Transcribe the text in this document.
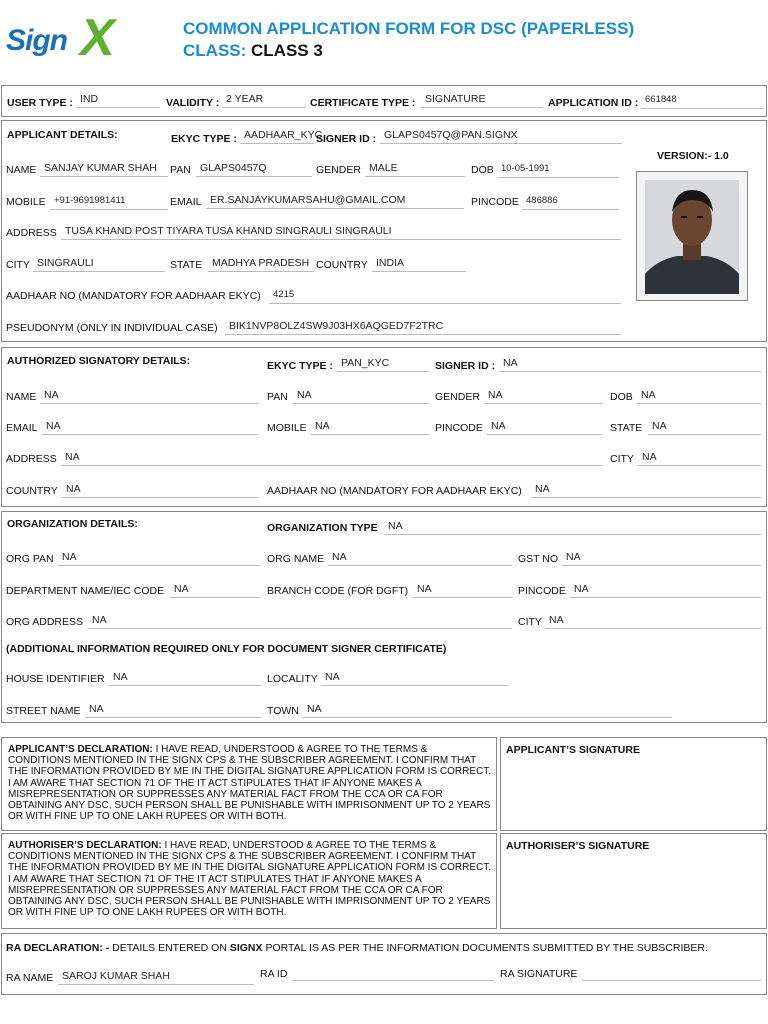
Sign X	COMMON APPLICATION FORM FOR DSC (PAPERLESS)
CLASS: CLASS 3
USER TYPE : IND	VALIDITY : 2 YEAR	CERTIFICATE TYPE : SIGNATURE	APPLICATION ID : 661848
APPLICANT DETAILS:	EKYC TYPE : AADHAAR_KYC
SIGNER ID : GLAPS0457Q@PAN.SIGNX
VERSION:- 1.0
NAME SANJAY KUMAR SHAH	PAN GLAPS0457Q	GENDER MALE	DOB 10-05-1991
MOBILE +91-9691981411	EMAIL ER.SANJAYKUMARSAHU@GMAIL.COM	PINCODE 486886
ADDRESS TUSA KHAND POST TIYARA TUSA KHAND SINGRAULI SINGRAULI
CITY SINGRAULI	STATE MADHYA PRADESH COUNTRY INDIA
AADHAAR NO (MANDATORY FOR AADHAAR EKYC)	4215
PSEUDONYM (ONLY IN INDIVIDUAL CASE)	BIK1NVP8OLZ4SW9J03HX6AQGED7F2TRC
AUTHORIZED SIGNATORY DETAILS:	EKYC TYPE : PAN_KYC	SIGNER ID : NA
NAME NA	PAN NA	GENDER NA	DOB NA
EMAIL NA	MOBILE NA	PINCODE NA	STATE NA
ADDRESS NA	CITY NA
COUNTRY NA	AADHAAR NO (MANDATORY FOR AADHAAR EKYC)	NA
ORGANIZATION DETAILS:	ORGANIZATION TYPE NA
ORG PAN NA	ORG NAME NA	GST NO NA
DEPARTMENT NAME/IEC CODE NA	BRANCH CODE (FOR DGFT) NA	PINCODE NA
ORG ADDRESS NA	CITY NA
(ADDITIONAL INFORMATION REQUIRED ONLY FOR DOCUMENT SIGNER CERTIFICATE)
HOUSE IDENTIFIER NA	LOCALITY NA
STREET NAME NA	TOWN NA
APPLICANT’S DECLARATION: I HAVE READ, UNDERSTOOD & AGREE TO THE TERMS & CONDITIONS MENTIONED IN THE SIGNX CPS & THE SUBSCRIBER AGREEMENT. I CONFIRM THAT THE INFORMATION PROVIDED BY ME IN THE DIGITAL SIGNATURE APPLICATION FORM IS CORRECT. I AM AWARE THAT SECTION 71 OF THE IT ACT STIPULATES THAT IF ANYONE MAKES A MISREPRESENTATION OR SUPPRESSES ANY MATERIAL FACT FROM THE CCA OR CA FOR OBTAINING ANY DSC, SUCH PERSON SHALL BE PUNISHABLE WITH IMPRISONMENT UP TO 2 YEARS OR WITH FINE UP TO ONE LAKH RUPEES OR WITH BOTH.
APPLICANT’S SIGNATURE
AUTHORISER’S DECLARATION: I HAVE READ, UNDERSTOOD & AGREE TO THE TERMS & CONDITIONS MENTIONED IN THE SIGNX CPS & THE SUBSCRIBER AGREEMENT. I CONFIRM THAT THE INFORMATION PROVIDED BY ME IN THE DIGITAL SIGNATURE APPLICATION FORM IS CORRECT. I AM AWARE THAT SECTION 71 OF THE IT ACT STIPULATES THAT IF ANYONE MAKES A MISREPRESENTATION OR SUPPRESSES ANY MATERIAL FACT FROM THE CCA OR CA FOR OBTAINING ANY DSC, SUCH PERSON SHALL BE PUNISHABLE WITH IMPRISONMENT UP TO 2 YEARS OR WITH FINE UP TO ONE LAKH RUPEES OR WITH BOTH.
AUTHORISER’S SIGNATURE
RA DECLARATION: - DETAILS ENTERED ON SIGNX PORTAL IS AS PER THE INFORMATION DOCUMENTS SUBMITTED BY THE SUBSCRIBER.
RA NAME SAROJ KUMAR SHAH	RA ID	RA SIGNATURE
